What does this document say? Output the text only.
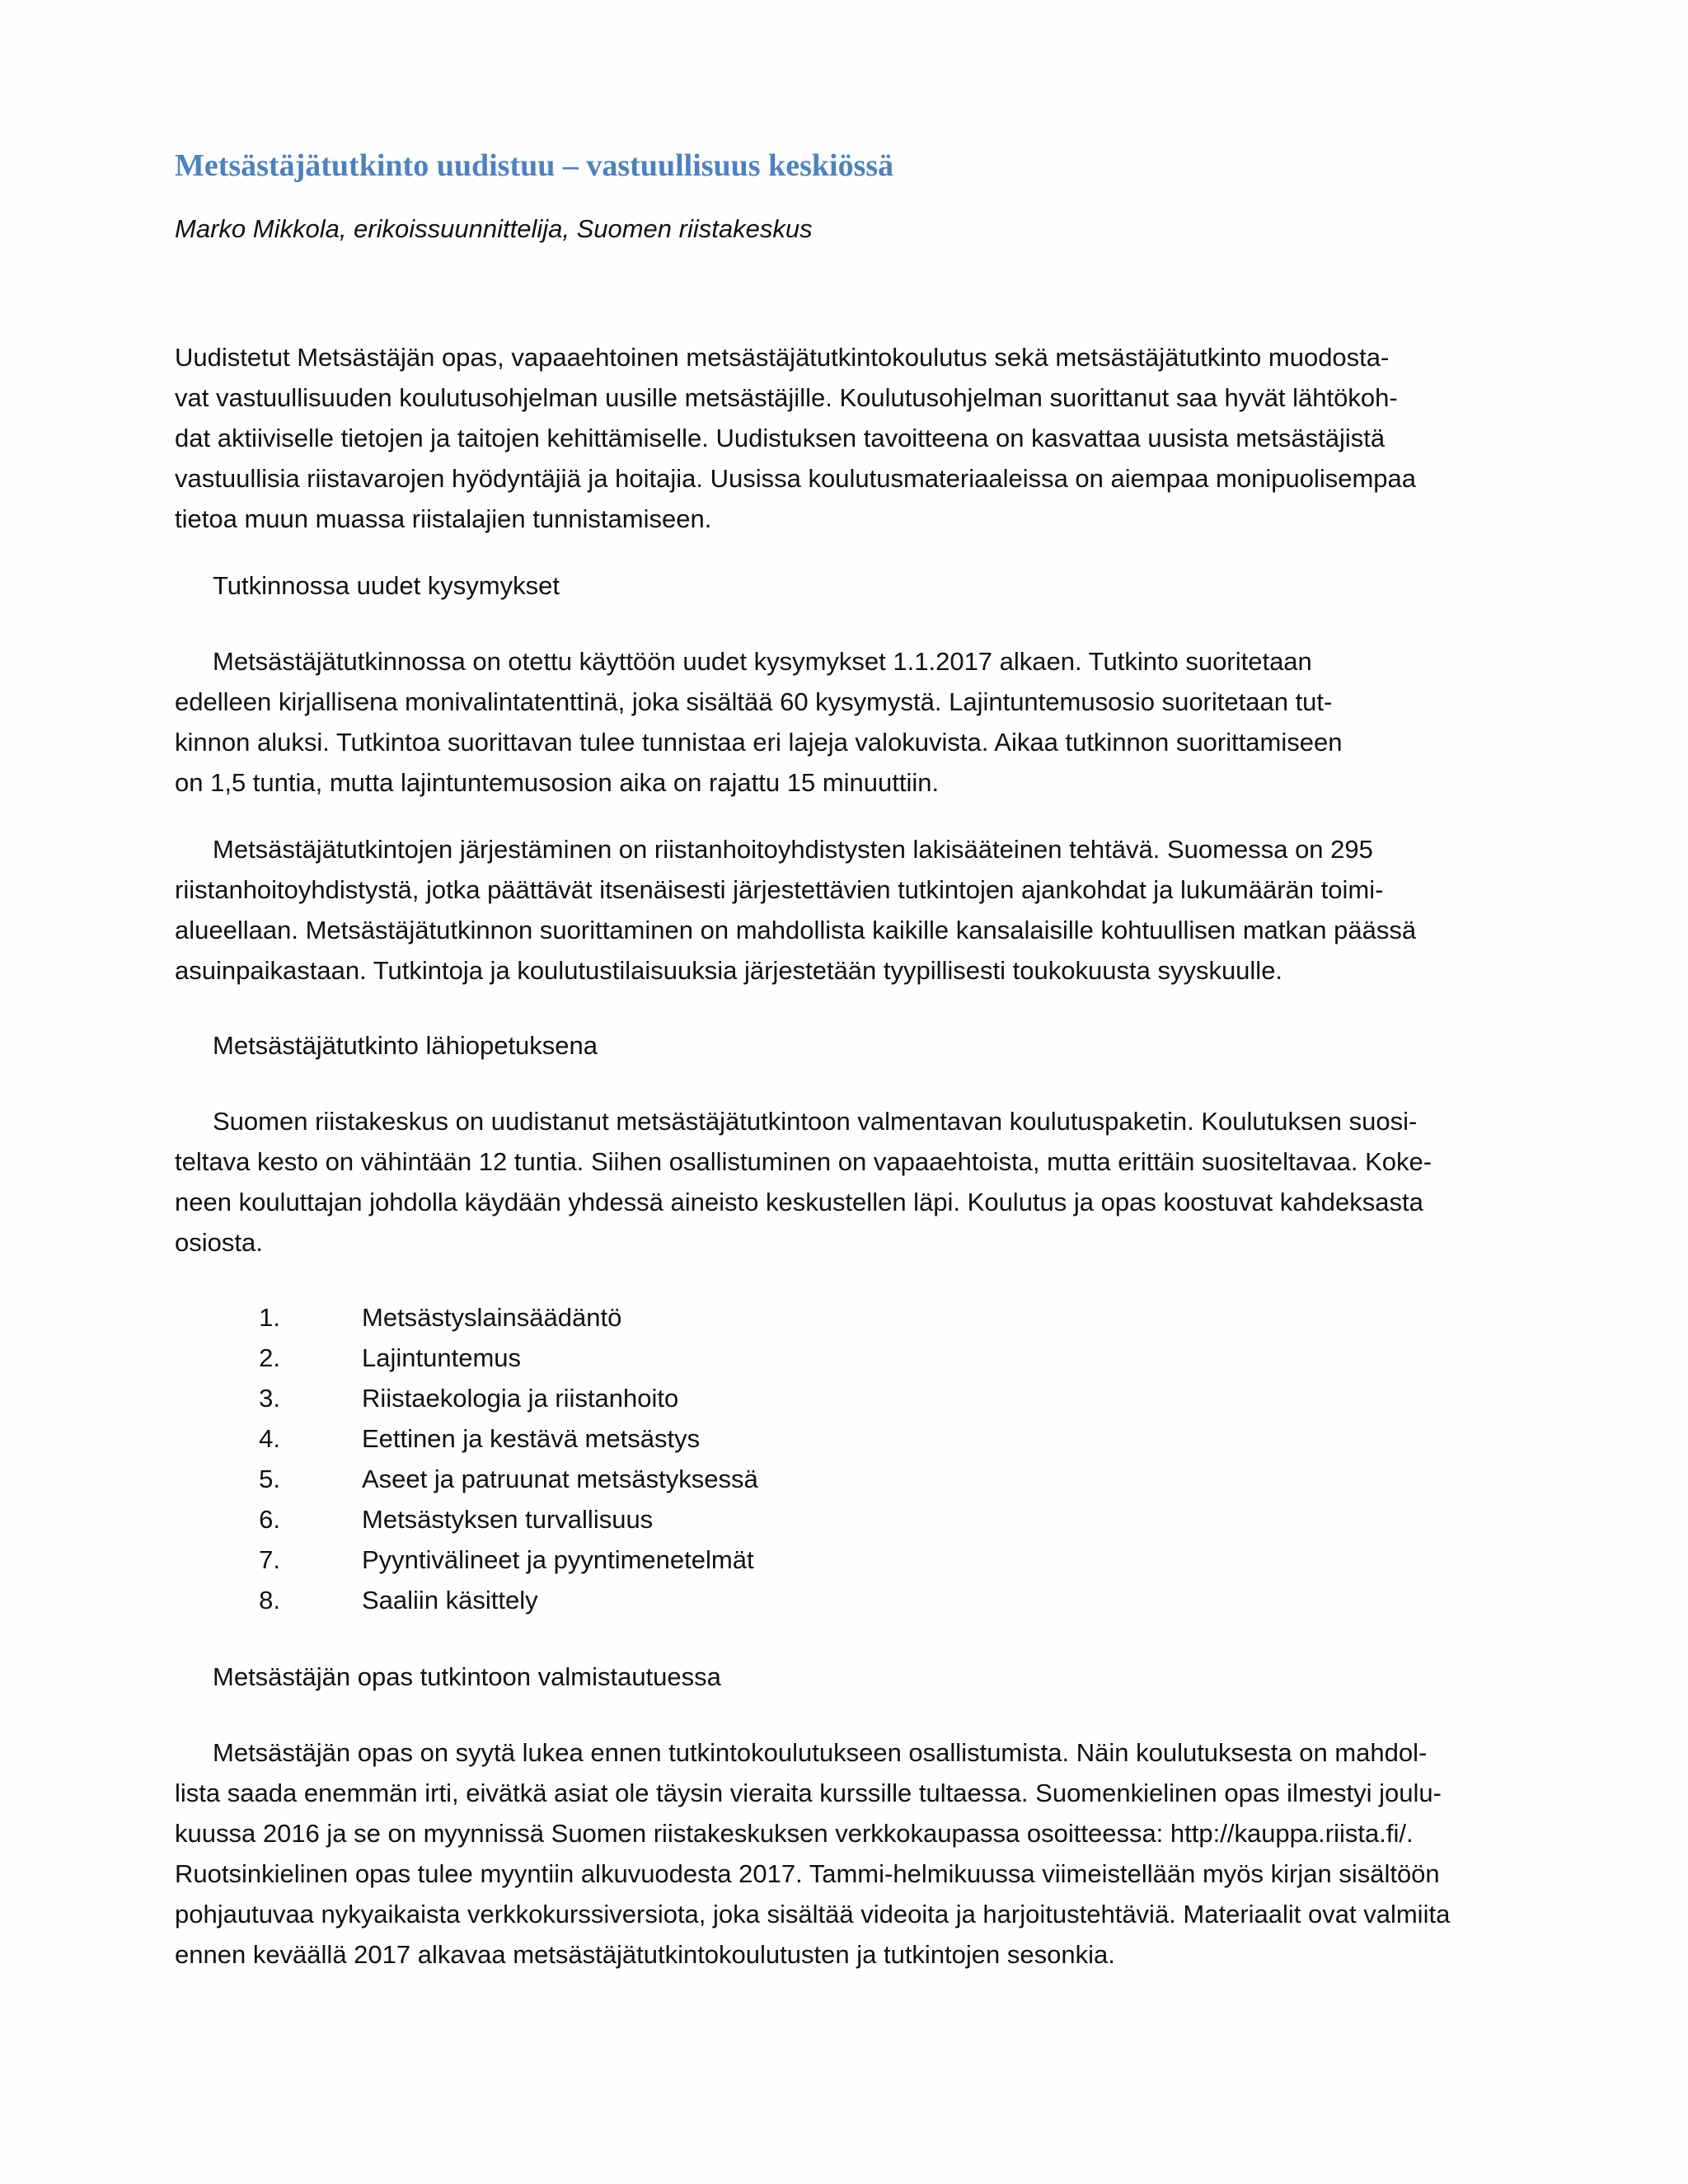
Metsästäjätutkinto uudistuu – vastuullisuus keskiössä

Marko Mikkola, erikoissuunnittelija, Suomen riistakeskus

Uudistetut Metsästäjän opas, vapaaehtoinen metsästäjätutkintokoulutus sekä metsästäjätutkinto muodosta-

vat vastuullisuuden koulutusohjelman uusille metsästäjille. Koulutusohjelman suorittanut saa hyvät lähtökoh-

dat aktiiviselle tietojen ja taitojen kehittämiselle. Uudistuksen tavoitteena on kasvattaa uusista metsästäjistä

vastuullisia riistavarojen hyödyntäjiä ja hoitajia. Uusissa koulutusmateriaaleissa on aiempaa monipuolisempaa

tietoa muun muassa riistalajien tunnistamiseen.

Tutkinnossa uudet kysymykset

Metsästäjätutkinnossa on otettu käyttöön uudet kysymykset 1.1.2017 alkaen. Tutkinto suoritetaan

edelleen kirjallisena monivalintatenttinä, joka sisältää 60 kysymystä. Lajintuntemusosio suoritetaan tut-

kinnon aluksi. Tutkintoa suorittavan tulee tunnistaa eri lajeja valokuvista. Aikaa tutkinnon suorittamiseen

on 1,5 tuntia, mutta lajintuntemusosion aika on rajattu 15 minuuttiin.

Metsästäjätutkintojen järjestäminen on riistanhoitoyhdistysten lakisääteinen tehtävä. Suomessa on 295

riistanhoitoyhdistystä, jotka päättävät itsenäisesti järjestettävien tutkintojen ajankohdat ja lukumäärän toimi-

alueellaan. Metsästäjätutkinnon suorittaminen on mahdollista kaikille kansalaisille kohtuullisen matkan päässä

asuinpaikastaan. Tutkintoja ja koulutustilaisuuksia järjestetään tyypillisesti toukokuusta syyskuulle.

Metsästäjätutkinto lähiopetuksena

Suomen riistakeskus on uudistanut metsästäjätutkintoon valmentavan koulutuspaketin. Koulutuksen suosi-

teltava kesto on vähintään 12 tuntia. Siihen osallistuminen on vapaaehtoista, mutta erittäin suositeltavaa. Koke-

neen kouluttajan johdolla käydään yhdessä aineisto keskustellen läpi. Koulutus ja opas koostuvat kahdeksasta

osiosta.

1.	Metsästyslainsäädäntö
2.	Lajintuntemus
3.	Riistaekologia ja riistanhoito
4.	Eettinen ja kestävä metsästys
5.	Aseet ja patruunat metsästyksessä
6.	Metsästyksen turvallisuus
7.	Pyyntivälineet ja pyyntimenetelmät
8.	Saaliin käsittely

Metsästäjän opas tutkintoon valmistautuessa

Metsästäjän opas on syytä lukea ennen tutkintokoulutukseen osallistumista. Näin koulutuksesta on mahdol-

lista saada enemmän irti, eivätkä asiat ole täysin vieraita kurssille tultaessa. Suomenkielinen opas ilmestyi joulu-

kuussa 2016 ja se on myynnissä Suomen riistakeskuksen verkkokaupassa osoitteessa: http://kauppa.riista.fi/.

Ruotsinkielinen opas tulee myyntiin alkuvuodesta 2017. Tammi-helmikuussa viimeistellään myös kirjan sisältöön

pohjautuvaa nykyaikaista verkkokurssiversiota, joka sisältää videoita ja harjoitustehtäviä. Materiaalit ovat valmiita

ennen keväällä 2017 alkavaa metsästäjätutkintokoulutusten ja tutkintojen sesonkia.
